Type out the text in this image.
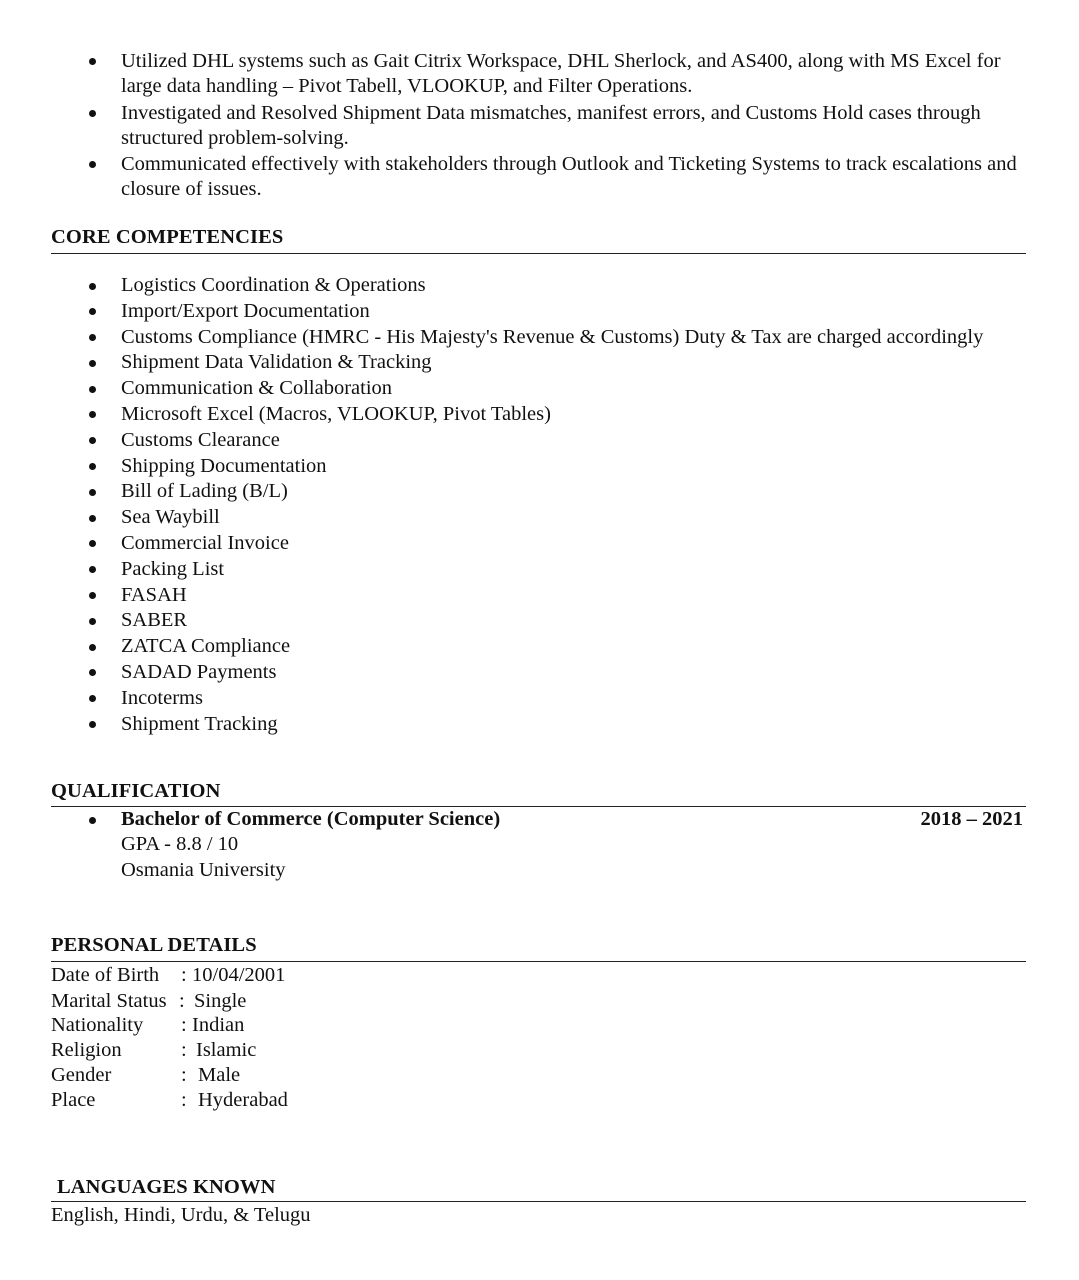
Utilized DHL systems such as Gait Citrix Workspace, DHL Sherlock, and AS400, along with MS Excel for large data handling – Pivot Tabell, VLOOKUP, and Filter Operations.
Investigated and Resolved Shipment Data mismatches, manifest errors, and Customs Hold cases through structured problem-solving.
Communicated effectively with stakeholders through Outlook and Ticketing Systems to track escalations and closure of issues.
CORE COMPETENCIES
Logistics Coordination & Operations
Import/Export Documentation
Customs Compliance (HMRC - His Majesty's Revenue & Customs) Duty & Tax are charged accordingly
Shipment Data Validation & Tracking
Communication & Collaboration
Microsoft Excel (Macros, VLOOKUP, Pivot Tables)
Customs Clearance
Shipping Documentation
Bill of Lading (B/L)
Sea Waybill
Commercial Invoice
Packing List
FASAH
SABER
ZATCA Compliance
SADAD Payments
Incoterms
Shipment Tracking
QUALIFICATION
Bachelor of Commerce (Computer Science)	2018 – 2021
GPA - 8.8 / 10
Osmania University
PERSONAL DETAILS
Date of Birth : 10/04/2001
Marital Status : Single
Nationality : Indian
Religion	: Islamic
Gender	: Male
Place	: Hyderabad
LANGUAGES KNOWN
English, Hindi, Urdu, & Telugu
